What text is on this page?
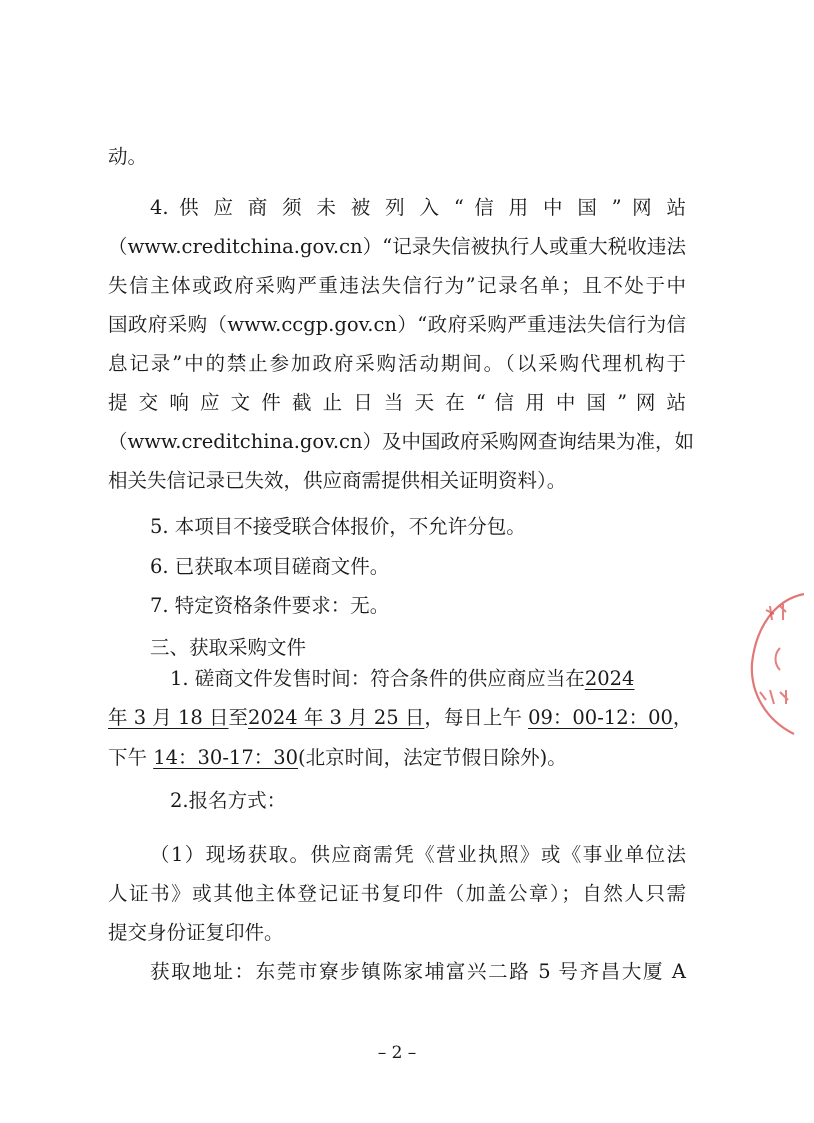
动。
4. 供 应 商 须 未 被 列 入 “ 信 用 中 国 ” 网 站
（www.creditchina.gov.cn）“记录失信被执行人或重大税收违法
失信主体或政府采购严重违法失信行为”记录名单；且不处于中
国政府采购（www.ccgp.gov.cn）“政府采购严重违法失信行为信
息记录”中的禁止参加政府采购活动期间。（以采购代理机构于
提 交 响 应 文 件 截 止 日 当 天 在 “ 信 用 中 国 ” 网 站
（www.creditchina.gov.cn）及中国政府采购网查询结果为准，如
相关失信记录已失效，供应商需提供相关证明资料）。
5. 本项目不接受联合体报价，不允许分包。
6. 已获取本项目磋商文件。
7. 特定资格条件要求：无。
三、获取采购文件
1. 磋商文件发售时间：符合条件的供应商应当在2024
年 3 月 18 日至2024 年 3 月 25 日，每日上午 09：00-12：00，
下午 14：30-17：30(北京时间，法定节假日除外)。
2.报名方式：
（1）现场获取。供应商需凭《营业执照》或《事业单位法
人证书》或其他主体登记证书复印件（加盖公章）；自然人只需
提交身份证复印件。
获取地址：东莞市寮步镇陈家埔富兴二路 5 号齐昌大厦 A
– 2 –
